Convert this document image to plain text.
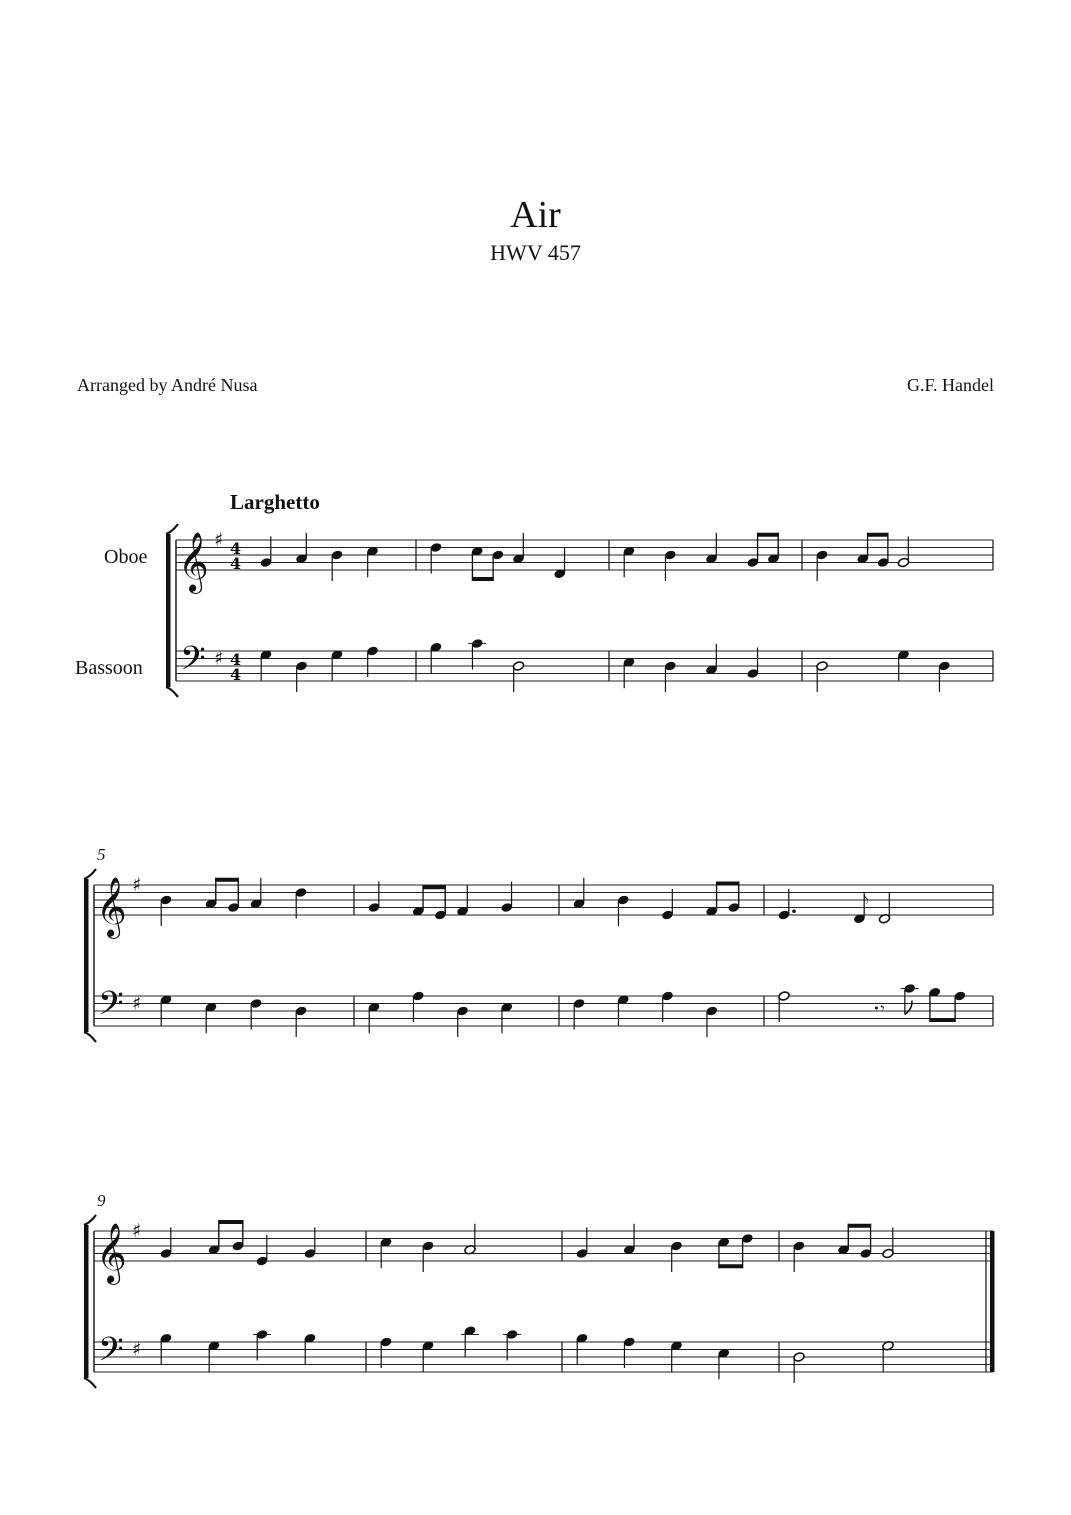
Air
HWV 457
Arranged by André Nusa	G.F. Handel
Larghetto
Oboe
Bassoon
5
9
𝄞
𝄢
♯
♯
4
4
4
4
𝄞
𝄢
♯
♯
𝅮
𝄾
𝄞
𝄢
♯
♯
